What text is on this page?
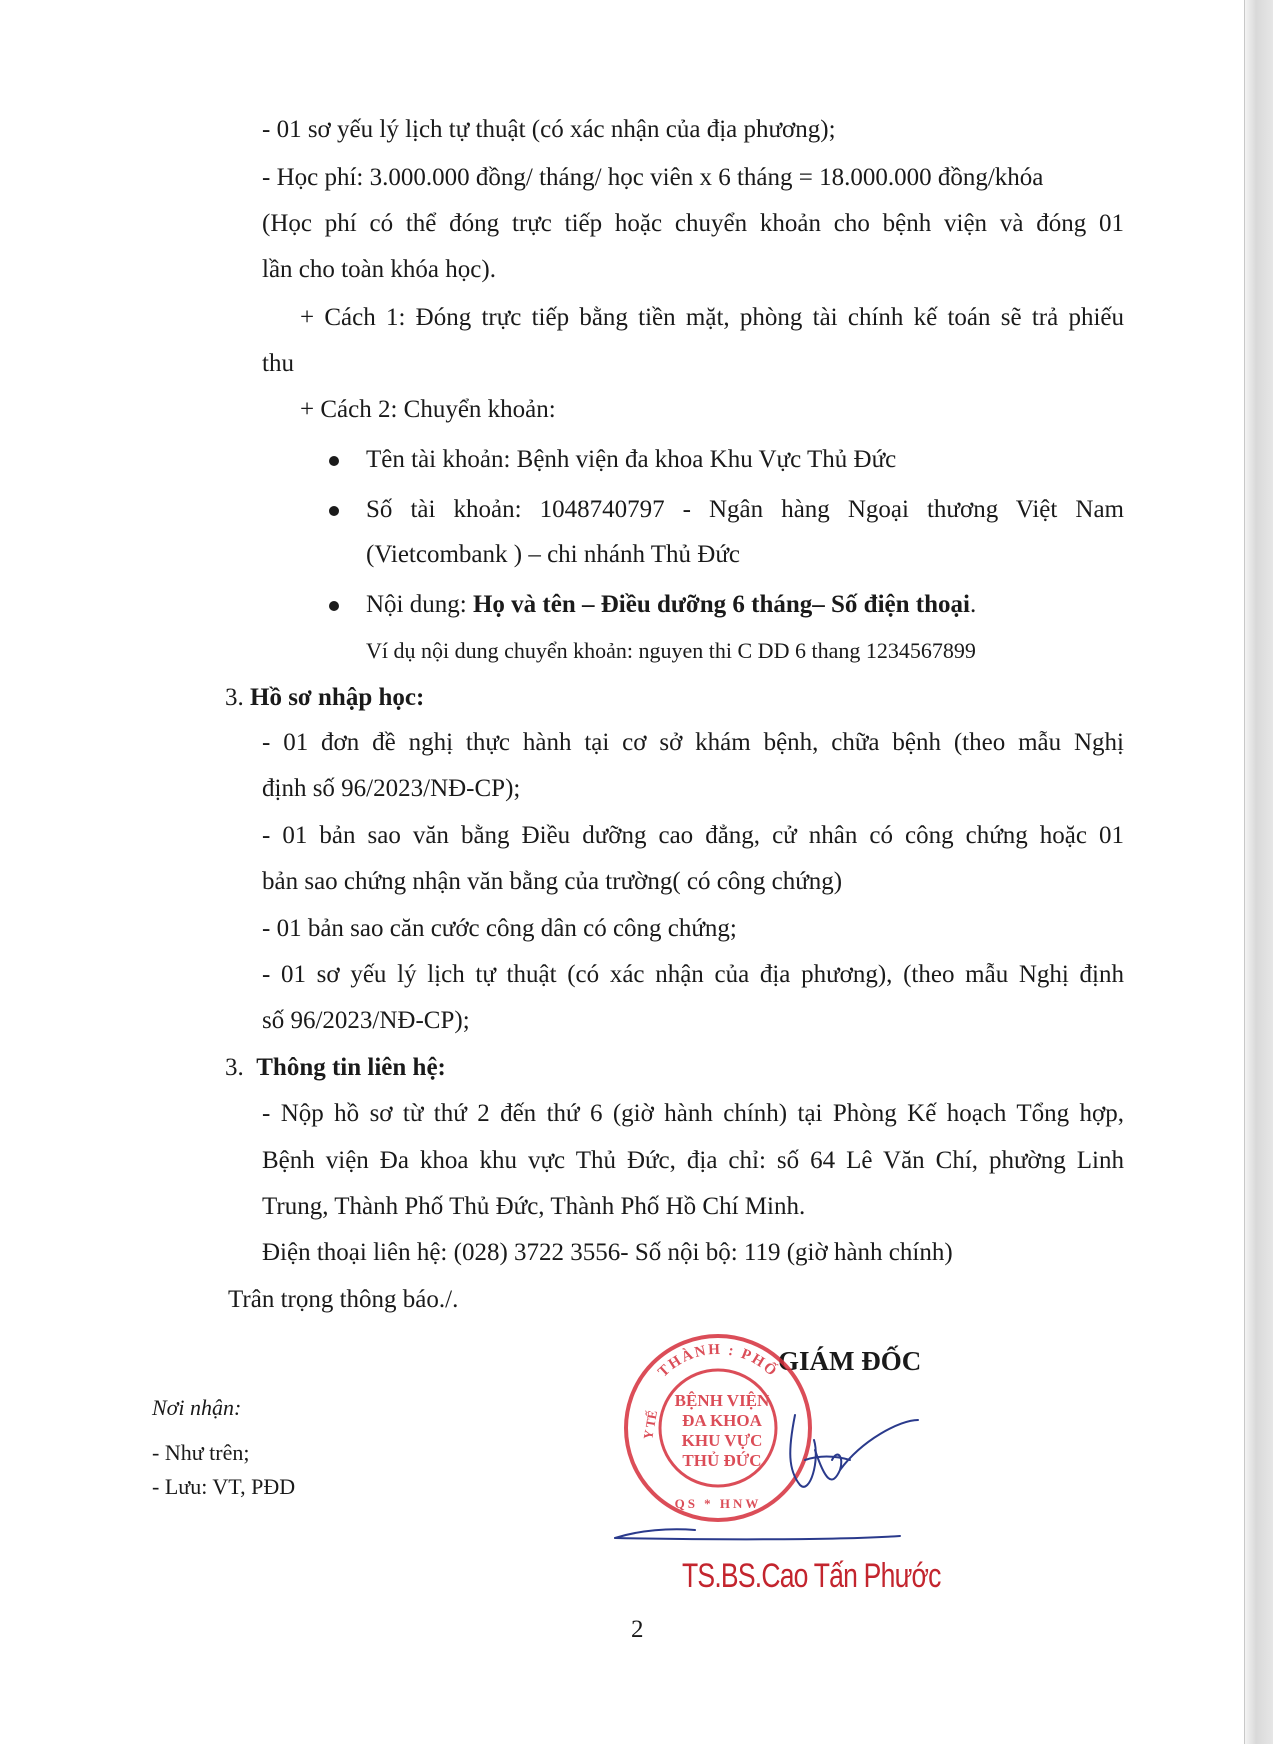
- 01 sơ yếu lý lịch tự thuật (có xác nhận của địa phương);
- Học phí: 3.000.000 đồng/ tháng/ học viên x 6 tháng = 18.000.000 đồng/khóa
(Học phí có thể đóng trực tiếp hoặc chuyển khoản cho bệnh viện và đóng 01
lần cho toàn khóa học).
+ Cách 1: Đóng trực tiếp bằng tiền mặt, phòng tài chính kế toán sẽ trả phiếu
thu
+ Cách 2: Chuyển khoản:
Tên tài khoản: Bệnh viện đa khoa Khu Vực Thủ Đức
Số tài khoản: 1048740797 - Ngân hàng Ngoại thương Việt Nam
(Vietcombank ) – chi nhánh Thủ Đức
Nội dung: Họ và tên – Điều dưỡng 6 tháng– Số điện thoại.
Ví dụ nội dung chuyển khoản: nguyen thi C DD 6 thang 1234567899
3. Hồ sơ nhập học:
- 01 đơn đề nghị thực hành tại cơ sở khám bệnh, chữa bệnh (theo mẫu Nghị
định số 96/2023/NĐ-CP);
- 01 bản sao văn bằng Điều dưỡng cao đẳng, cử nhân có công chứng hoặc 01
bản sao chứng nhận văn bằng của trường( có công chứng)
- 01 bản sao căn cước công dân có công chứng;
- 01 sơ yếu lý lịch tự thuật (có xác nhận của địa phương), (theo mẫu Nghị định
số 96/2023/NĐ-CP);
3. Thông tin liên hệ:
- Nộp hồ sơ từ thứ 2 đến thứ 6 (giờ hành chính) tại Phòng Kế hoạch Tổng hợp,
Bệnh viện Đa khoa khu vực Thủ Đức, địa chỉ: số 64 Lê Văn Chí, phường Linh
Trung, Thành Phố Thủ Đức, Thành Phố Hồ Chí Minh.
Điện thoại liên hệ: (028) 3722 3556- Số nội bộ: 119 (giờ hành chính)
Trân trọng thông báo./.
GIÁM ĐỐC
Nơi nhận:
- Như trên;
- Lưu: VT, PĐD
THÀNH : PHỐ
Y TẾ
BỆNH VIỆN
ĐA KHOA
KHU VỰC
THỦ ĐỨC
QS * HNW
TS.BS.Cao Tấn Phước
2
